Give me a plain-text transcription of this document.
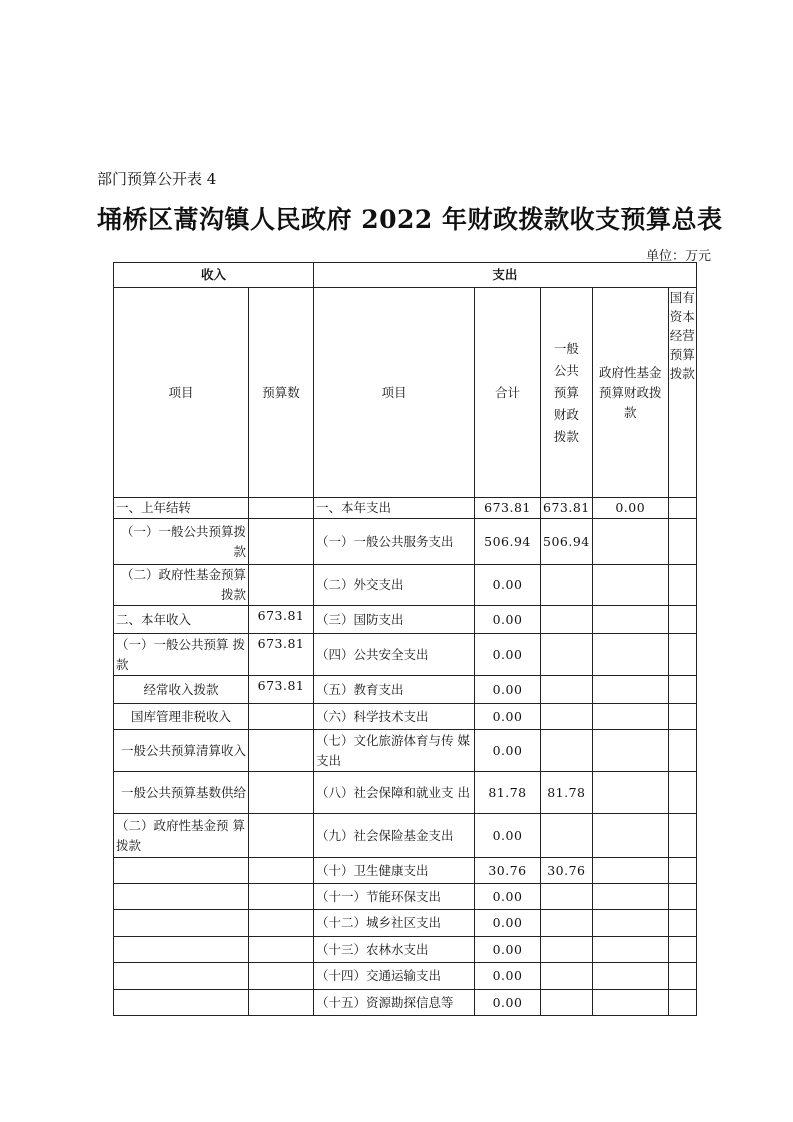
部门预算公开表 4
埇桥区蒿沟镇人民政府 2022 年财政拨款收支预算总表
单位：万元
收入		支出				
项目	预算数	项目	合计	一般公共预算财政拨款	政府性基金预算财政拨款	国有资本经营预算拨款
一、上年结转		一、本年支出	673.81	673.81	0.00	
（一）一般公共预算拨款		（一）一般公共服务支出	506.94	506.94		
（二）政府性基金预算拨款		（二）外交支出	0.00			
二、本年收入	673.81	（三）国防支出	0.00			
（一）一般公共预算 拨款	673.81	（四）公共安全支出	0.00			
经常收入拨款	673.81	（五）教育支出	0.00			
国库管理非税收入		（六）科学技术支出	0.00			
一般公共预算清算收入		（七）文化旅游体育与传 媒支出	0.00			
一般公共预算基数供给		（八）社会保障和就业支 出	81.78	81.78		
（二）政府性基金预 算拨款		（九）社会保险基金支出	0.00			
		（十）卫生健康支出	30.76	30.76		
		（十一）节能环保支出	0.00			
		（十二）城乡社区支出	0.00			
		（十三）农林水支出	0.00			
		（十四）交通运输支出	0.00			
		（十五）资源勘探信息等	0.00			
